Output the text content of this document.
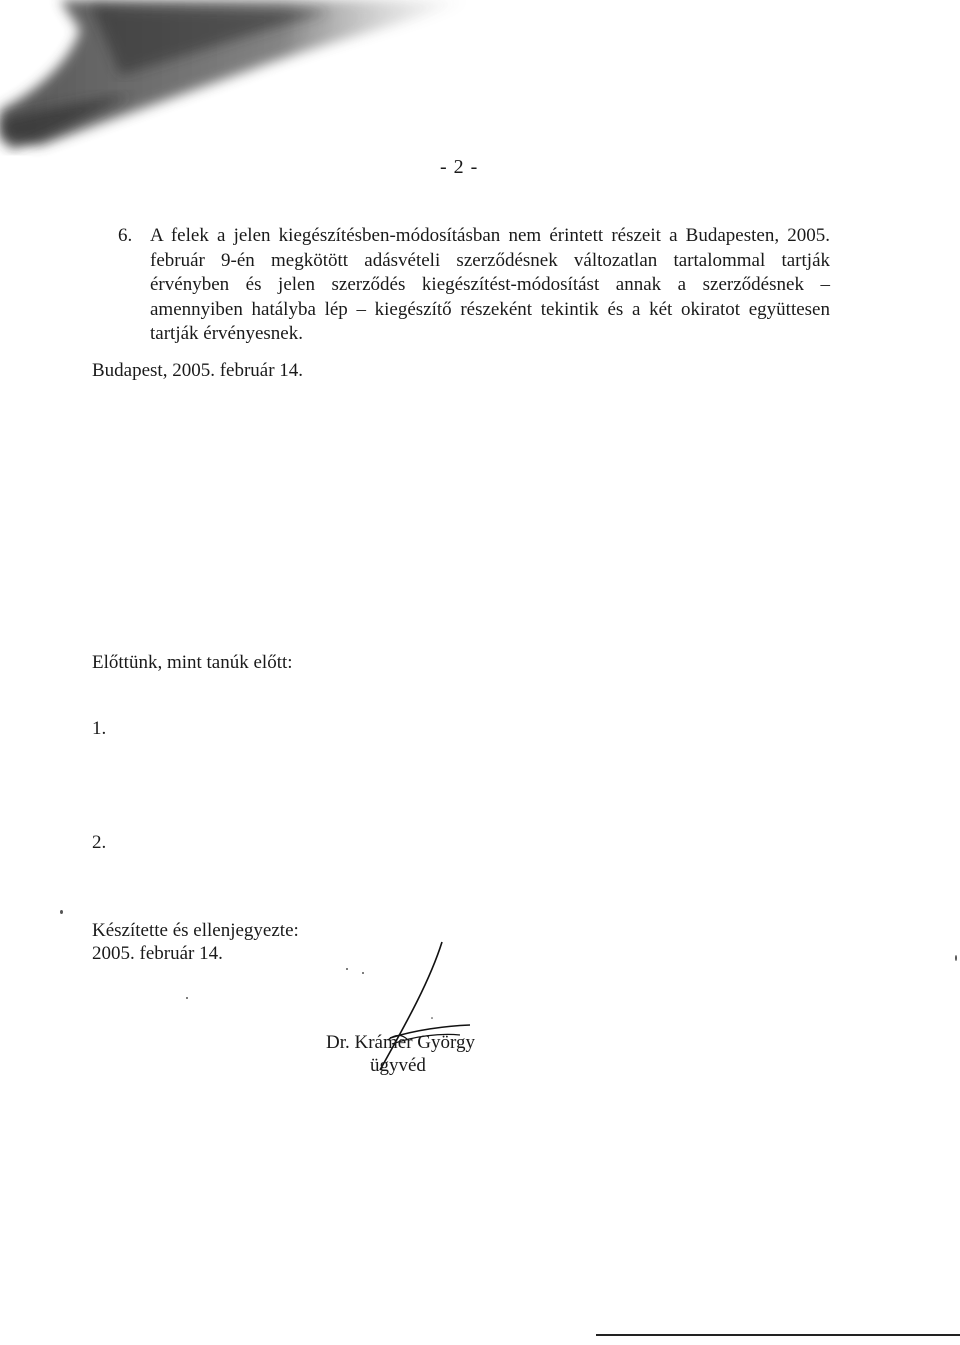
- 2 -
6. A felek a jelen kiegészítésben-módosításban nem érintett részeit a Budapesten, 2005. február 9-én megkötött adásvételi szerződésnek változatlan tartalommal tartják érvényben és jelen szerződés kiegészítést-módosítást annak a szerződésnek – amennyiben hatályba lép – kiegészítő részeként tekintik és a két okiratot együttesen tartják érvényesnek.
Budapest, 2005. február 14.
Előttünk, mint tanúk előtt:
1.
2.
Készítette és ellenjegyezte:
2005. február 14.
Dr. Krámer György
ügyvéd
